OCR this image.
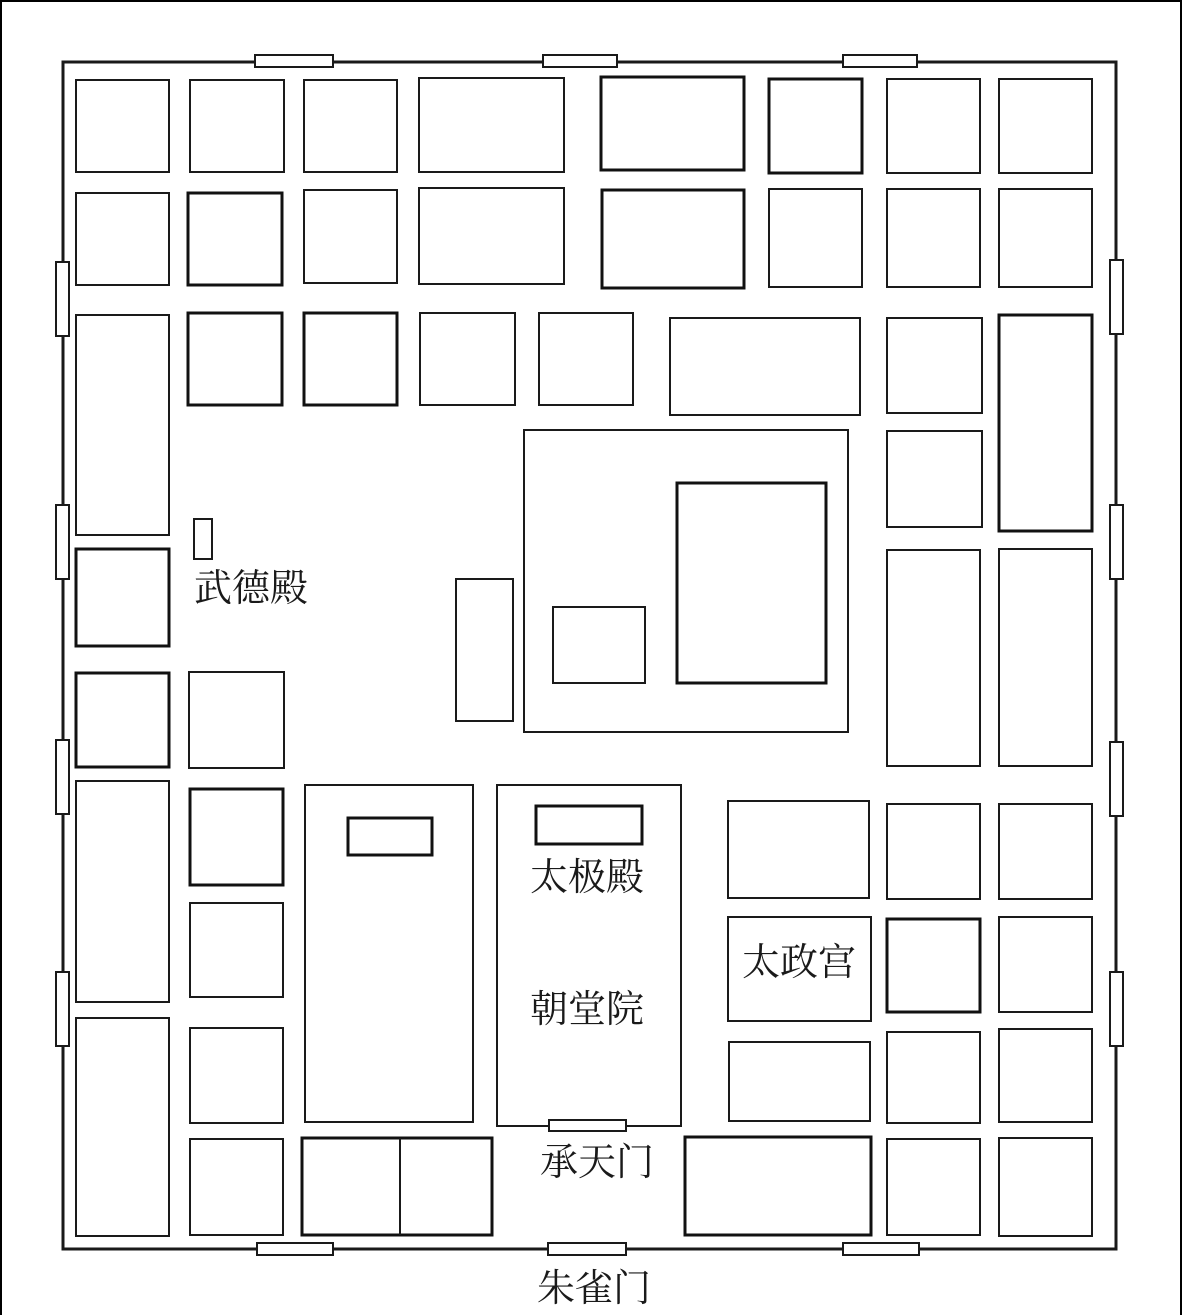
武德殿
太极殿
朝堂院
太政宫
承天门
朱雀门
